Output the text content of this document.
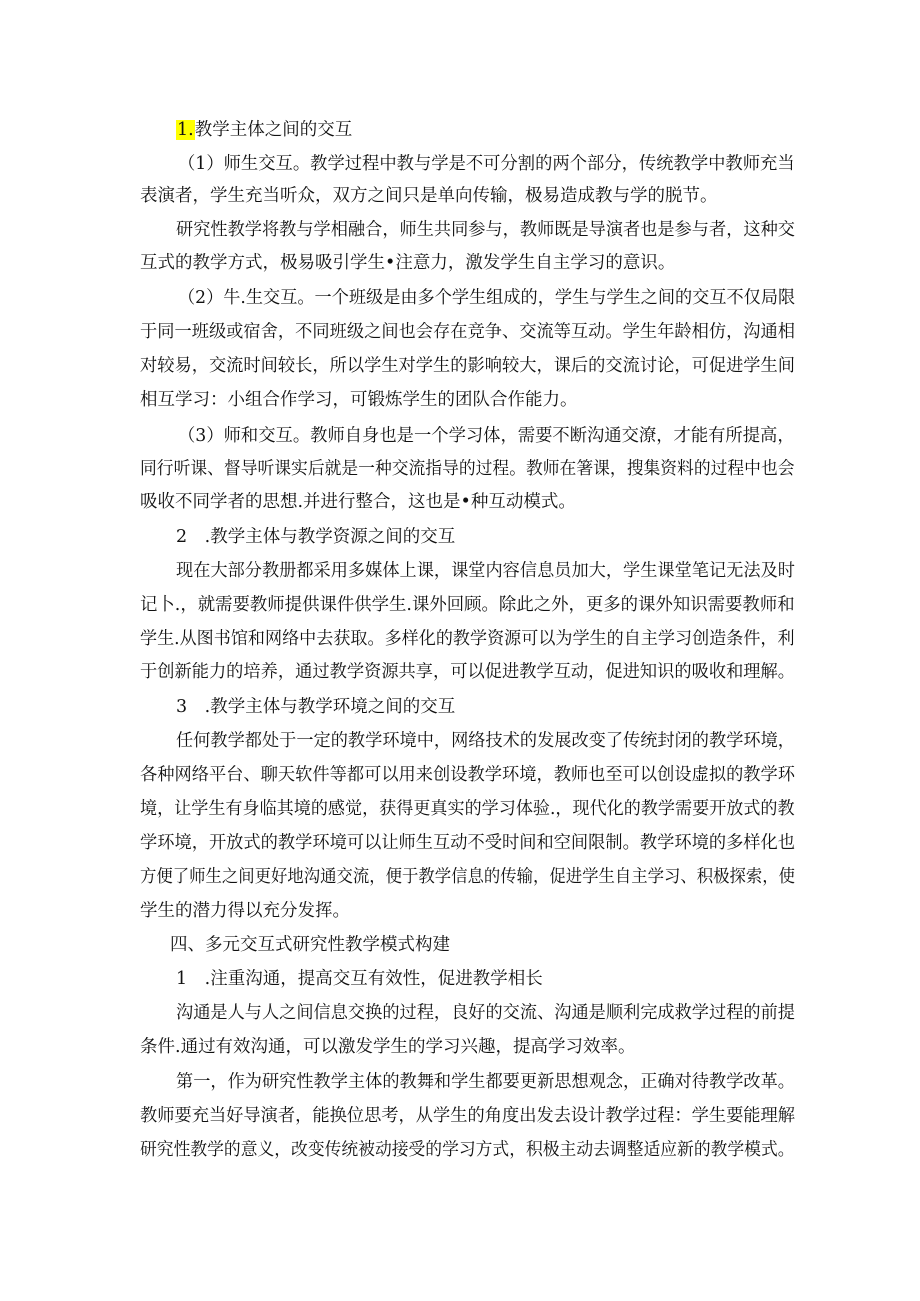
1.教学主体之间的交互
（1）师生交互。教学过程中教与学是不可分割的两个部分，传统教学中教师充当
表演者，学生充当听众，双方之间只是单向传输，极易造成教与学的脱节。
研究性教学将教与学相融合，师生共同参与，教师既是导演者也是参与者，这种交
互式的教学方式，极易吸引学生•注意力，激发学生自主学习的意识。
（2）牛.生交互。一个班级是由多个学生组成的，学生与学生之间的交互不仅局限
于同一班级或宿舍，不同班级之间也会存在竞争、交流等互动。学生年龄相仿，沟通相
对较易，交流时间较长，所以学生对学生的影响较大，课后的交流讨论，可促进学生间
相互学习：小组合作学习，可锻炼学生的团队合作能力。
（3）师和交互。教师自身也是一个学习体，需要不断沟通交潦，才能有所提高，
同行听课、督导听课实后就是一种交流指导的过程。教师在箸课，搜集资料的过程中也会
吸收不同学者的思想.并进行整合，这也是•种互动模式。
2　.教学主体与教学资源之间的交互
现在大部分教册都采用多媒体上课，课堂内容信息员加大，学生课堂笔记无法及时
记卜.，就需要教师提供课件供学生.课外回顾。除此之外，更多的课外知识需要教师和
学生.从图书馆和网络中去获取。多样化的教学资源可以为学生的自主学习创造条件，利
于创新能力的培养，通过教学资源共享，可以促进教学互动，促进知识的吸收和理解。
3　.教学主体与教学环境之间的交互
任何教学都处于一定的教学环境中，网络技术的发展改变了传统封闭的教学环境，
各种网络平台、聊天软件等都可以用来创设教学环境，教师也至可以创设虚拟的教学环
境，让学生有身临其境的感觉，获得更真实的学习体验.，现代化的教学需要开放式的教
学环境，开放式的教学环境可以让师生互动不受时间和空间限制。教学环境的多样化也
方便了师生之间更好地沟通交流，便于教学信息的传输，促进学生自主学习、积极探索，使
学生的潜力得以充分发挥。
四、多元交互式研究性教学模式构建
1　.注重沟通，提高交互有效性，促进教学相长
沟通是人与人之间信息交换的过程，良好的交流、沟通是顺利完成救学过程的前提
条件.通过有效沟通，可以激发学生的学习兴趣，提高学习效率。
第一，作为研究性教学主体的教舞和学生都要更新思想观念，正确对待教学改革。
教师要充当好导演者，能换位思考，从学生的角度出发去设计教学过程：学生要能理解
研究性教学的意义，改变传统被动接受的学习方式，积极主动去调整适应新的教学模式。
